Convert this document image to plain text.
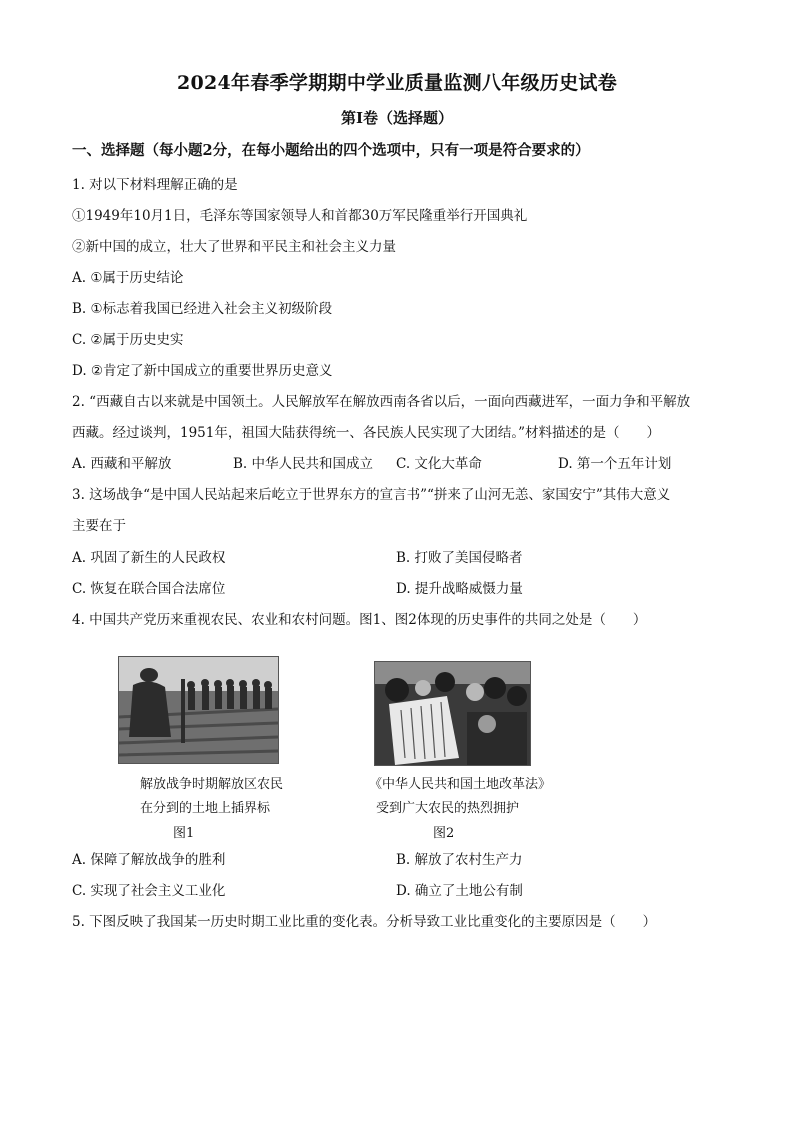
2024年春季学期期中学业质量监测八年级历史试卷
第Ⅰ卷（选择题）
一、选择题（每小题2分，在每小题给出的四个选项中，只有一项是符合要求的）
1. 对以下材料理解正确的是
①1949年10月1日，毛泽东等国家领导人和首都30万军民隆重举行开国典礼
②新中国的成立，壮大了世界和平民主和社会主义力量
A. ①属于历史结论
B. ①标志着我国已经进入社会主义初级阶段
C. ②属于历史史实
D. ②肯定了新中国成立的重要世界历史意义
2. “西藏自古以来就是中国领土。人民解放军在解放西南各省以后，一面向西藏进军，一面力争和平解放
西藏。经过谈判，1951年，祖国大陆获得统一、各民族人民实现了大团结。”材料描述的是（　　）
A. 西藏和平解放	B. 中华人民共和国成立 C. 文化大革命	D. 第一个五年计划
3. 这场战争“是中国人民站起来后屹立于世界东方的宣言书”“拼来了山河无恙、家国安宁”其伟大意义
主要在于
A. 巩固了新生的人民政权	B. 打败了美国侵略者
C. 恢复在联合国合法席位	D. 提升战略威慑力量
4. 中国共产党历来重视农民、农业和农村问题。图1、图2体现的历史事件的共同之处是（　　）
解放战争时期解放区农民
在分到的土地上插界标
图1
《中华人民共和国土地改革法》
受到广大农民的热烈拥护
图2
A. 保障了解放战争的胜利	B. 解放了农村生产力
C. 实现了社会主义工业化	D. 确立了土地公有制
5. 下图反映了我国某一历史时期工业比重的变化表。分析导致工业比重变化的主要原因是（　　）
